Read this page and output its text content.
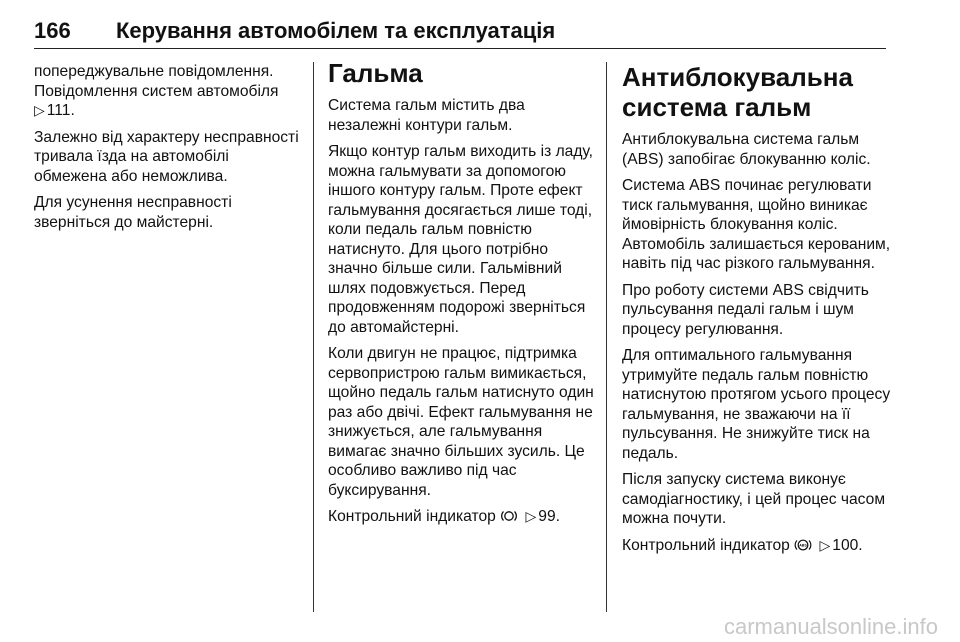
166	Керування автомобілем та експлуатація

попереджувальне повідомлення.
Повідомлення систем автомобіля
▷ 111.

Залежно від характеру несправності тривала їзда на автомобілі обмежена або неможлива.

Для усунення несправності зверніться до майстерні.

Гальма

Система гальм містить два незалежні контури гальм.

Якщо контур гальм виходить із ладу, можна гальмувати за допомогою іншого контуру гальм. Проте ефект гальмування досягається лише тоді, коли педаль гальм повністю натиснуто. Для цього потрібно значно більше сили. Гальмівний шлях подовжується. Перед продовженням подорожі зверніться до автомайстерні.

Коли двигун не працює, підтримка сервопристрою гальм вимикається, щойно педаль гальм натиснуто один раз або двічі. Ефект гальмування не знижується, але гальмування вимагає значно більших зусиль. Це особливо важливо під час буксирування.

Контрольний індикатор ▷ 99.

Антиблокувальна система гальм

Антиблокувальна система гальм (ABS) запобігає блокуванню коліс.

Система ABS починає регулювати тиск гальмування, щойно виникає ймовірність блокування коліс. Автомобіль залишається керованим, навіть під час різкого гальмування.

Про роботу системи ABS свідчить пульсування педалі гальм і шум процесу регулювання.

Для оптимального гальмування утримуйте педаль гальм повністю натиснутою протягом усього процесу гальмування, не зважаючи на її пульсування. Не знижуйте тиск на педаль.

Після запуску система виконує самодіагностику, і цей процес часом можна почути.

Контрольний індикатор	ABS ▷ 100.

carmanualsonline.info
